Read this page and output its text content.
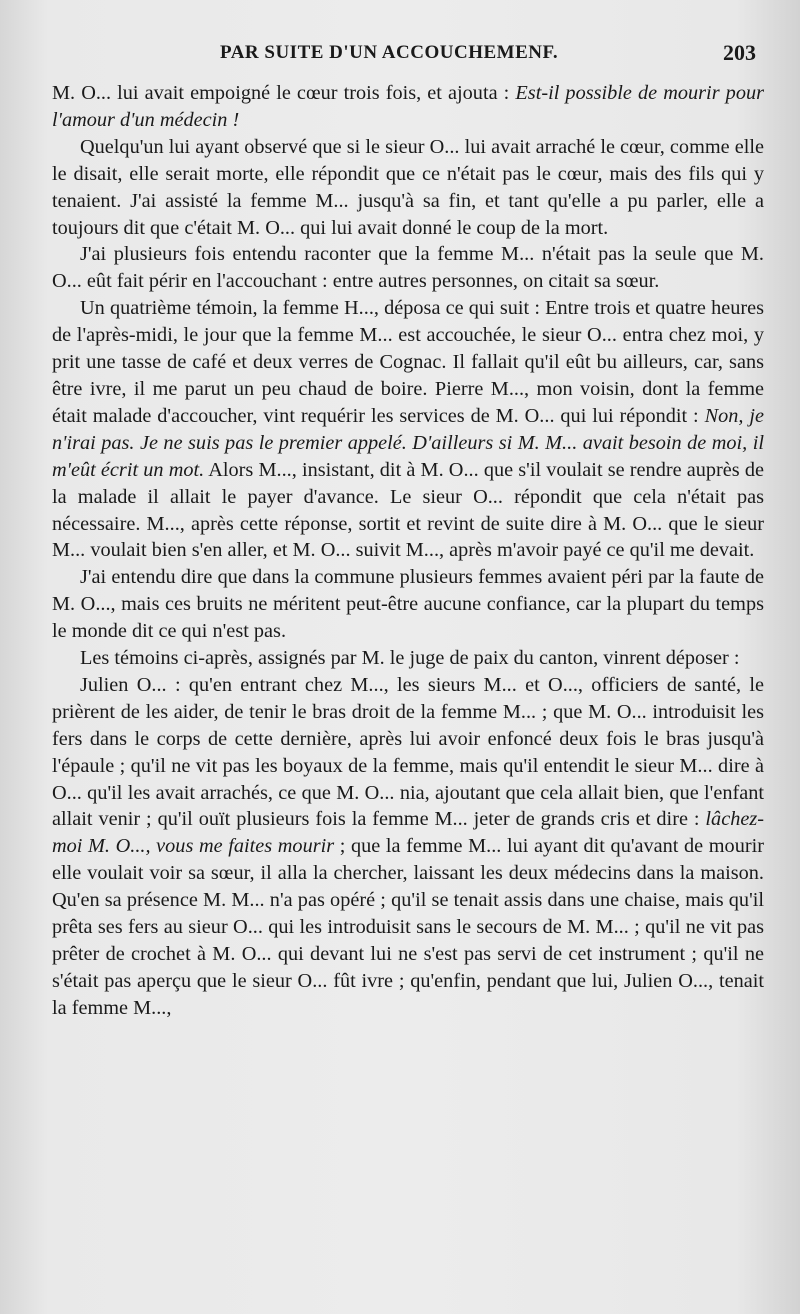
PAR SUITE D'UN ACCOUCHEMENF.	203

M. O... lui avait empoigné le cœur trois fois, et ajouta : Est-il possible de mourir pour l'amour d'un médecin !

Quelqu'un lui ayant observé que si le sieur O... lui avait arraché le cœur, comme elle le disait, elle serait morte, elle répondit que ce n'était pas le cœur, mais des fils qui y tenaient. J'ai assisté la femme M... jusqu'à sa fin, et tant qu'elle a pu parler, elle a toujours dit que c'était M. O... qui lui avait donné le coup de la mort.

J'ai plusieurs fois entendu raconter que la femme M... n'était pas la seule que M. O... eût fait périr en l'accouchant : entre autres personnes, on citait sa sœur.

Un quatrième témoin, la femme H..., déposa ce qui suit : Entre trois et quatre heures de l'après-midi, le jour que la femme M... est accouchée, le sieur O... entra chez moi, y prit une tasse de café et deux verres de Cognac. Il fallait qu'il eût bu ailleurs, car, sans être ivre, il me parut un peu chaud de boire. Pierre M..., mon voisin, dont la femme était malade d'accoucher, vint requérir les services de M. O... qui lui répondit : Non, je n'irai pas. Je ne suis pas le premier appelé. D'ailleurs si M. M... avait besoin de moi, il m'eût écrit un mot. Alors M..., insistant, dit à M. O... que s'il voulait se rendre auprès de la malade il allait le payer d'avance. Le sieur O... répondit que cela n'était pas nécessaire. M..., après cette réponse, sortit et revint de suite dire à M. O... que le sieur M... voulait bien s'en aller, et M. O... suivit M..., après m'avoir payé ce qu'il me devait.

J'ai entendu dire que dans la commune plusieurs femmes avaient péri par la faute de M. O..., mais ces bruits ne méritent peut-être aucune confiance, car la plupart du temps le monde dit ce qui n'est pas.

Les témoins ci-après, assignés par M. le juge de paix du canton, vinrent déposer :

Julien O... : qu'en entrant chez M..., les sieurs M... et O..., officiers de santé, le prièrent de les aider, de tenir le bras droit de la femme M... ; que M. O... introduisit les fers dans le corps de cette dernière, après lui avoir enfoncé deux fois le bras jusqu'à l'épaule ; qu'il ne vit pas les boyaux de la femme, mais qu'il entendit le sieur M... dire à O... qu'il les avait arrachés, ce que M. O... nia, ajoutant que cela allait bien, que l'enfant allait venir ; qu'il ouït plusieurs fois la femme M... jeter de grands cris et dire : lâchez-moi M. O..., vous me faites mourir ; que la femme M... lui ayant dit qu'avant de mourir elle voulait voir sa sœur, il alla la chercher, laissant les deux médecins dans la maison. Qu'en sa présence M. M... n'a pas opéré ; qu'il se tenait assis dans une chaise, mais qu'il prêta ses fers au sieur O... qui les introduisit sans le secours de M. M... ; qu'il ne vit pas prêter de crochet à M. O... qui devant lui ne s'est pas servi de cet instrument ; qu'il ne s'était pas aperçu que le sieur O... fût ivre ; qu'enfin, pendant que lui, Julien O..., tenait la femme M...,
